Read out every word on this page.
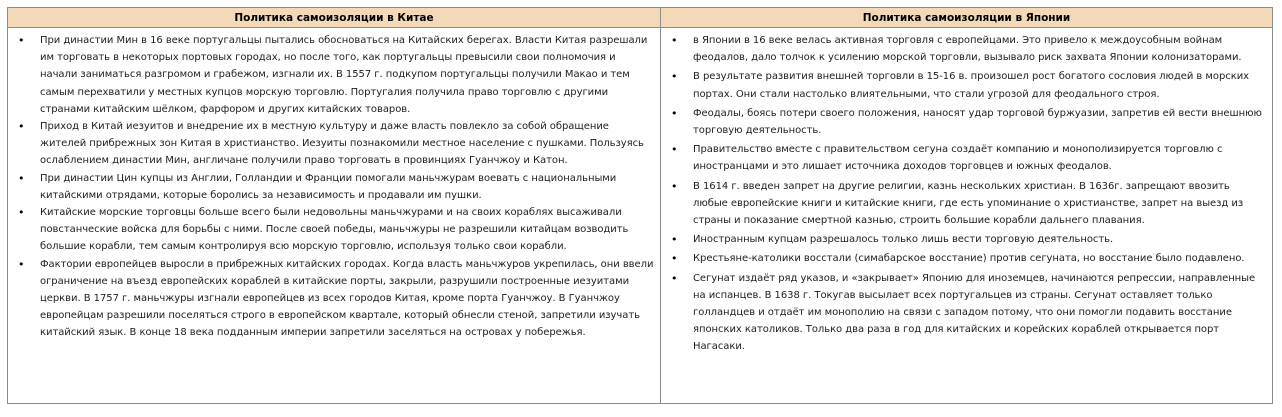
Политика самоизоляции в Китае
• При династии Мин в 16 веке португальцы пытались обосноваться на Китайских берегах. Власти Китая разрешали им торговать в некоторых портовых городах, но после того, как португальцы превысили свои полномочия и начали заниматься разгромом и грабежом, изгнали их. В 1557 г. подкупом португальцы получили Макао и тем самым перехватили у местных купцов морскую торговлю. Португалия получила право торговлю с другими странами китайским шёлком, фарфором и других китайских товаров.
• Приход в Китай иезуитов и внедрение их в местную культуру и даже власть повлекло за собой обращение жителей прибрежных зон Китая в христианство. Иезуиты познакомили местное население с пушками. Пользуясь ослаблением династии Мин, англичане получили право торговать в провинциях Гуанчжоу и Катон.
• При династии Цин купцы из Англии, Голландии и Франции помогали маньчжурам воевать с национальными китайскими отрядами, которые боролись за независимость и продавали им пушки.
• Китайские морские торговцы больше всего были недовольны маньчжурами и на своих кораблях высаживали повстанческие войска для борьбы с ними. После своей победы, маньчжуры не разрешили китайцам возводить большие корабли, тем самым контролируя всю морскую торговлю, используя только свои корабли.
• Фактории европейцев выросли в прибрежных китайских городах. Когда власть маньчжуров укрепилась, они ввели ограничение на въезд европейских кораблей в китайские порты, закрыли, разрушили построенные иезуитами церкви. В 1757 г. маньчжуры изгнали европейцев из всех городов Китая, кроме порта Гуанчжоу. В Гуанчжоу европейцам разрешили поселяться строго в европейском квартале, который обнесли стеной, запретили изучать китайский язык. В конце 18 века подданным империи запретили заселяться на островах у побережья.
Политика самоизоляции в Японии
• в Японии в 16 веке велась активная торговля с европейцами. Это привело к междоусобным войнам феодалов, дало толчок к усилению морской торговли, вызывало риск захвата Японии колонизаторами.
• В результате развития внешней торговли в 15-16 в. произошел рост богатого сословия людей в морских портах. Они стали настолько влиятельными, что стали угрозой для феодального строя.
• Феодалы, боясь потери своего положения, наносят удар торговой буржуазии, запретив ей вести внешнюю торговую деятельность.
• Правительство вместе с правительством сегуна создаёт компанию и монополизируется торговлю с иностранцами и это лишает источника доходов торговцев и южных феодалов.
• В 1614 г. введен запрет на другие религии, казнь нескольких христиан. В 1636г. запрещают ввозить любые европейские книги и китайские книги, где есть упоминание о христианстве, запрет на выезд из страны и показание смертной казнью, строить большие корабли дальнего плавания.
• Иностранным купцам разрешалось только лишь вести торговую деятельность.
• Крестьяне-католики восстали (симабарское восстание) против сегуната, но восстание было подавлено.
• Сегунат издаёт ряд указов, и «закрывает» Японию для иноземцев, начинаются репрессии, направленные на испанцев. В 1638 г. Токугав высылает всех португальцев из страны. Сегунат оставляет только голландцев и отдаёт им монополию на связи с западом потому, что они помогли подавить восстание японских католиков. Только два раза в год для китайских и корейских кораблей открывается порт Нагасаки.
